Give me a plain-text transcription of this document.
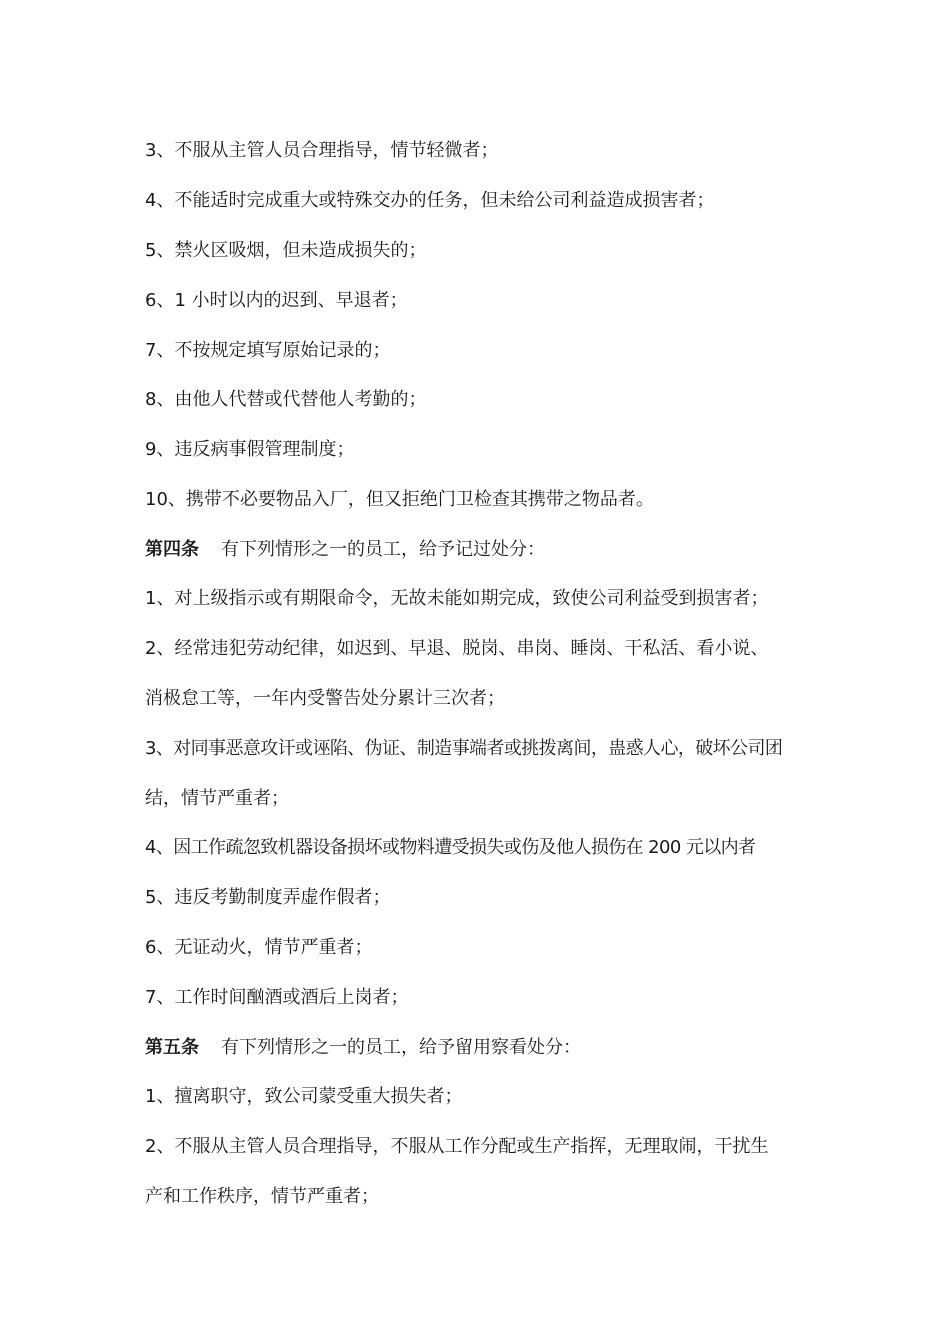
3、不服从主管人员合理指导，情节轻微者；
4、不能适时完成重大或特殊交办的任务，但未给公司利益造成损害者；
5、禁火区吸烟，但未造成损失的；
6、1 小时以内的迟到、早退者；
7、不按规定填写原始记录的；
8、由他人代替或代替他人考勤的；
9、违反病事假管理制度；
10、携带不必要物品入厂，但又拒绝门卫检查其携带之物品者。
第四条 有下列情形之一的员工，给予记过处分：
1、对上级指示或有期限命令，无故未能如期完成，致使公司利益受到损害者；
2、经常违犯劳动纪律，如迟到、早退、脱岗、串岗、睡岗、干私活、看小说、
消极怠工等，一年内受警告处分累计三次者；
3、对同事恶意攻讦或诬陷、伪证、制造事端者或挑拨离间，蛊惑人心，破坏公司团
结，情节严重者；
4、因工作疏忽致机器设备损坏或物料遭受损失或伤及他人损伤在 200 元以内者
5、违反考勤制度弄虚作假者；
6、无证动火，情节严重者；
7、工作时间酗酒或酒后上岗者；
第五条 有下列情形之一的员工，给予留用察看处分：
1、擅离职守，致公司蒙受重大损失者；
2、不服从主管人员合理指导，不服从工作分配或生产指挥，无理取闹，干扰生
产和工作秩序，情节严重者；
